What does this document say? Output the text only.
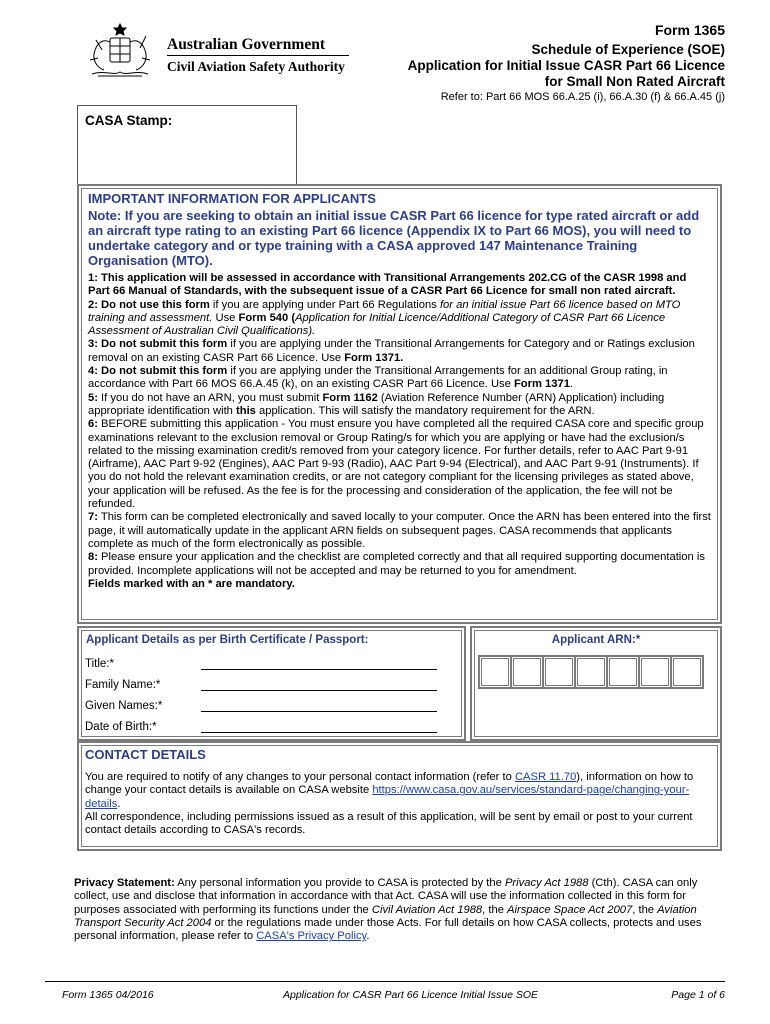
Australian Government
Civil Aviation Safety Authority
Form 1365
Schedule of Experience (SOE)
Application for Initial Issue CASR Part 66 Licence
for Small Non Rated Aircraft
Refer to: Part 66 MOS 66.A.25 (i), 66.A.30 (f) & 66.A.45 (j)
CASA Stamp:

IMPORTANT INFORMATION FOR APPLICANTS

Note: If you are seeking to obtain an initial issue CASR Part 66 licence for type rated aircraft or add an aircraft type rating to an existing Part 66 licence (Appendix IX to Part 66 MOS), you will need to undertake category and or type training with a CASA approved 147 Maintenance Training Organisation (MTO).

1: This application will be assessed in accordance with Transitional Arrangements 202.CG of the CASR 1998 and Part 66 Manual of Standards, with the subsequent issue of a CASR Part 66 Licence for small non rated aircraft.

2: Do not use this form if you are applying under Part 66 Regulations for an initial issue Part 66 licence based on MTO training and assessment. Use Form 540 (Application for Initial Licence/Additional Category of CASR Part 66 Licence Assessment of Australian Civil Qualifications).

3: Do not submit this form if you are applying under the Transitional Arrangements for Category and or Ratings exclusion removal on an existing CASR Part 66 Licence. Use Form 1371.

4: Do not submit this form if you are applying under the Transitional Arrangements for an additional Group rating, in accordance with Part 66 MOS 66.A.45 (k), on an existing CASR Part 66 Licence. Use Form 1371.

5: If you do not have an ARN, you must submit Form 1162 (Aviation Reference Number (ARN) Application) including appropriate identification with this application. This will satisfy the mandatory requirement for the ARN.

6: BEFORE submitting this application - You must ensure you have completed all the required CASA core and specific group examinations relevant to the exclusion removal or Group Rating/s for which you are applying or have had the exclusion/s related to the missing examination credit/s removed from your category licence. For further details, refer to AAC Part 9-91 (Airframe), AAC Part 9-92 (Engines), AAC Part 9-93 (Radio), AAC Part 9-94 (Electrical), and AAC Part 9-91 (Instruments). If you do not hold the relevant examination credits, or are not category compliant for the licensing privileges as stated above, your application will be refused. As the fee is for the processing and consideration of the application, the fee will not be refunded.

7: This form can be completed electronically and saved locally to your computer. Once the ARN has been entered into the first page, it will automatically update in the applicant ARN fields on subsequent pages. CASA recommends that applicants complete as much of the form electronically as possible.

8: Please ensure your application and the checklist are completed correctly and that all required supporting documentation is provided. Incomplete applications will not be accepted and may be returned to you for amendment.
Fields marked with an * are mandatory.

Applicant Details as per Birth Certificate / Passport:
Title:*
Family Name:*
Given Names:*
Date of Birth:*
Applicant ARN:*

CONTACT DETAILS

You are required to notify of any changes to your personal contact information (refer to CASR 11.70), information on how to change your contact details is available on CASA website https://www.casa.gov.au/services/standard-page/changing-your-details.

All correspondence, including permissions issued as a result of this application, will be sent by email or post to your current contact details according to CASA's records.

Privacy Statement: Any personal information you provide to CASA is protected by the Privacy Act 1988 (Cth). CASA can only collect, use and disclose that information in accordance with that Act. CASA will use the information collected in this form for purposes associated with performing its functions under the Civil Aviation Act 1988, the Airspace Space Act 2007, the Aviation Transport Security Act 2004 or the regulations made under those Acts. For full details on how CASA collects, protects and uses personal information, please refer to CASA's Privacy Policy.
Form 1365 04/2016	Application for CASR Part 66 Licence Initial Issue SOE	Page 1 of 6
